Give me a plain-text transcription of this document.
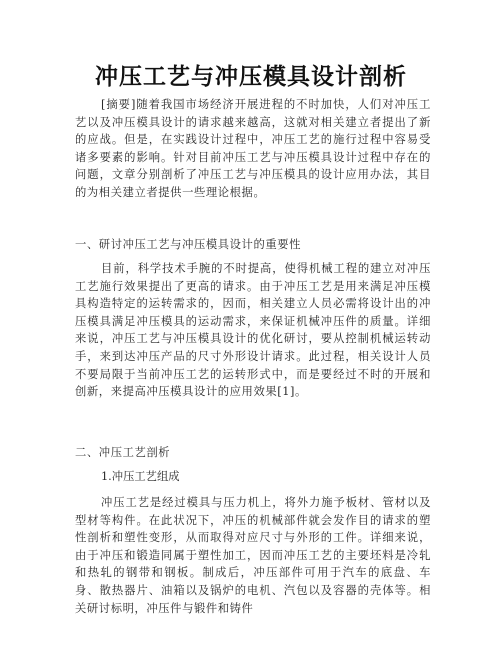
冲压工艺与冲压模具设计剖析

[摘要]随着我国市场经济开展进程的不时加快，人们对冲压工艺以及冲压模具设计的请求越来越高，这就对相关建立者提出了新的应战。但是，在实践设计过程中，冲压工艺的施行过程中容易受诸多要素的影响。针对目前冲压工艺与冲压模具设计过程中存在的问题，文章分别剖析了冲压工艺与冲压模具的设计应用办法，其目的为相关建立者提供一些理论根据。

一、研讨冲压工艺与冲压模具设计的重要性

目前，科学技术手腕的不时提高，使得机械工程的建立对冲压工艺施行效果提出了更高的请求。由于冲压工艺是用来满足冲压模具构造特定的运转需求的，因而，相关建立人员必需将设计出的冲压模具满足冲压模具的运动需求，来保证机械冲压件的质量。详细来说，冲压工艺与冲压模具设计的优化研讨，要从控制机械运转动手，来到达冲压产品的尺寸外形设计请求。此过程，相关设计人员不要局限于当前冲压工艺的运转形式中，而是要经过不时的开展和创新，来提高冲压模具设计的应用效果[1]。

二、冲压工艺剖析

1.冲压工艺组成

冲压工艺是经过模具与压力机上，将外力施予板材、管材以及型材等构件。在此状况下，冲压的机械部件就会发作目的请求的塑性剖析和塑性变形，从而取得对应尺寸与外形的工件。详细来说，由于冲压和锻造同属于塑性加工，因而冲压工艺的主要坯料是冷轧和热轧的钢带和钢板。制成后，冲压部件可用于汽车的底盘、车身、散热器片、油箱以及锅炉的电机、汽包以及容器的壳体等。相关研讨标明，冲压件与锻件和铸件
